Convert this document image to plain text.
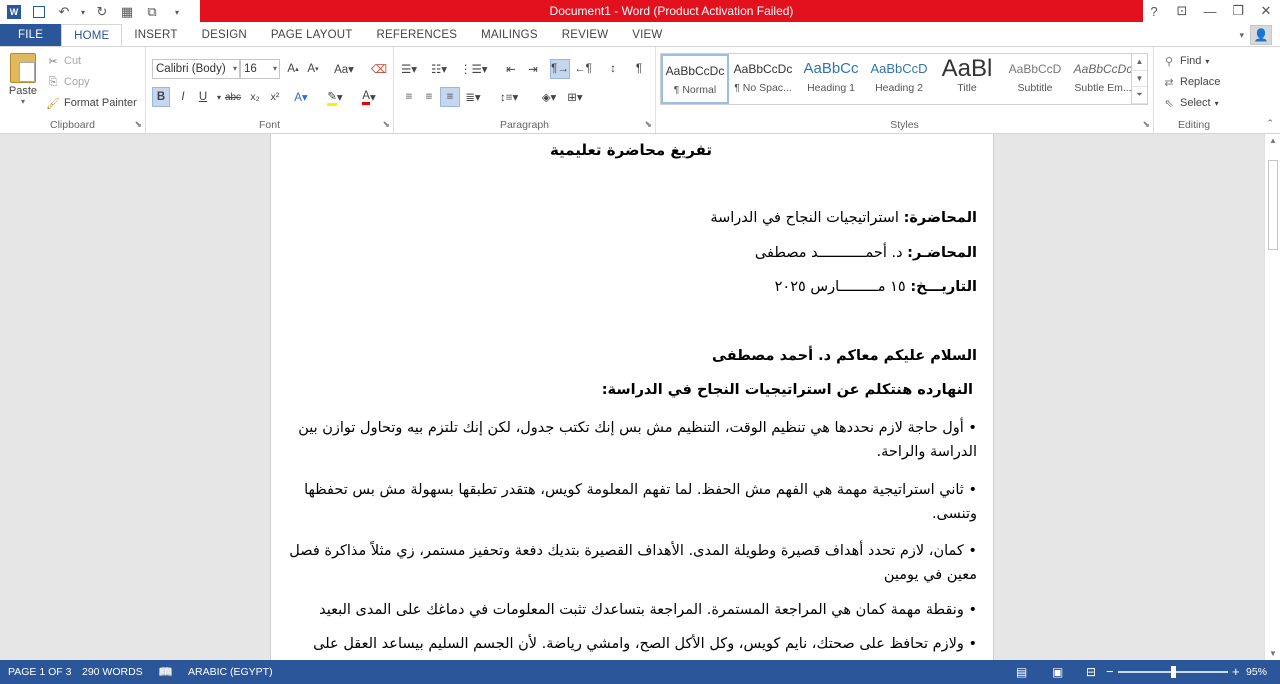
W	↶	▾ ↻	▦	⧉	▾	Document1 - Word (Product Activation Failed)	?	⊡	—	❐	✕
FILE	HOME	INSERT	DESIGN	PAGE LAYOUT	REFERENCES	MAILINGS	REVIEW	VIEW	▾ 👤
Paste
▾
✂ Cut
⎘ Copy
🖌 Format Painter
Clipboard	⬊
Calibri (Body) ▾ 16 ▾ A ▴ A ▾	Aa▾	⌫
B	I	U	▾ abc x₂	x²	A▾ ✎ ▾ A ▾
Font	⬊
☰▾ ☷▾ ⋮☰▾	⇤	⇥	¶→ ←¶	↕	¶
≡	≡	≡	≣▾ ↕≡▾ ◈▾ ⊞▾
Paragraph	⬊	Styles	⬊
AaBbCcDc
¶ Normal
AaBbCcDc
¶ No Spac...
AaBbCc
Heading 1
AaBbCcD
Heading 2
AaBl
Title
AaBbCcD
Subtitle
AaBbCcDc
Subtle Em...
▲
▼
⏷
⚲ Find ▾
⇄ Replace
⇖ Select ▾
Editing	⌃
تفريغ محاضرة تعليمية
المحاضرة: استراتيجيات النجاح في الدراسة
المحاضـر: د. أحمـــــــــــد مصطفى
التاريـــخ: ١٥ مـــــــــارس ٢٠٢٥
السلام عليكم معاكم د. أحمد مصطفى
النهارده هنتكلم عن استراتيجيات النجاح في الدراسة:
• أول حاجة لازم نحددها هي تنظيم الوقت، التنظيم مش بس إنك تكتب جدول، لكن إنك تلتزم بيه وتحاول توازن بين الدراسة والراحة.
• ثاني استراتيجية مهمة هي الفهم مش الحفظ. لما تفهم المعلومة كويس، هتقدر تطبقها بسهولة مش بس تحفظها وتنسى.
• كمان، لازم تحدد أهداف قصيرة وطويلة المدى. الأهداف القصيرة بتديك دفعة وتحفيز مستمر، زي مثلاً مذاكرة فصل معين في يومين
• ونقطة مهمة كمان هي المراجعة المستمرة. المراجعة بتساعدك تثبت المعلومات في دماغك على المدى البعيد
• ولازم تحافظ على صحتك، نايم كويس، وكل الأكل الصح، وامشي رياضة. لأن الجسم السليم بيساعد العقل على
▲
▼
PAGE 1 OF 3 290 WORDS 📖 ARABIC (EGYPT)	▤ ▣ ⊟ −	+ 95%
